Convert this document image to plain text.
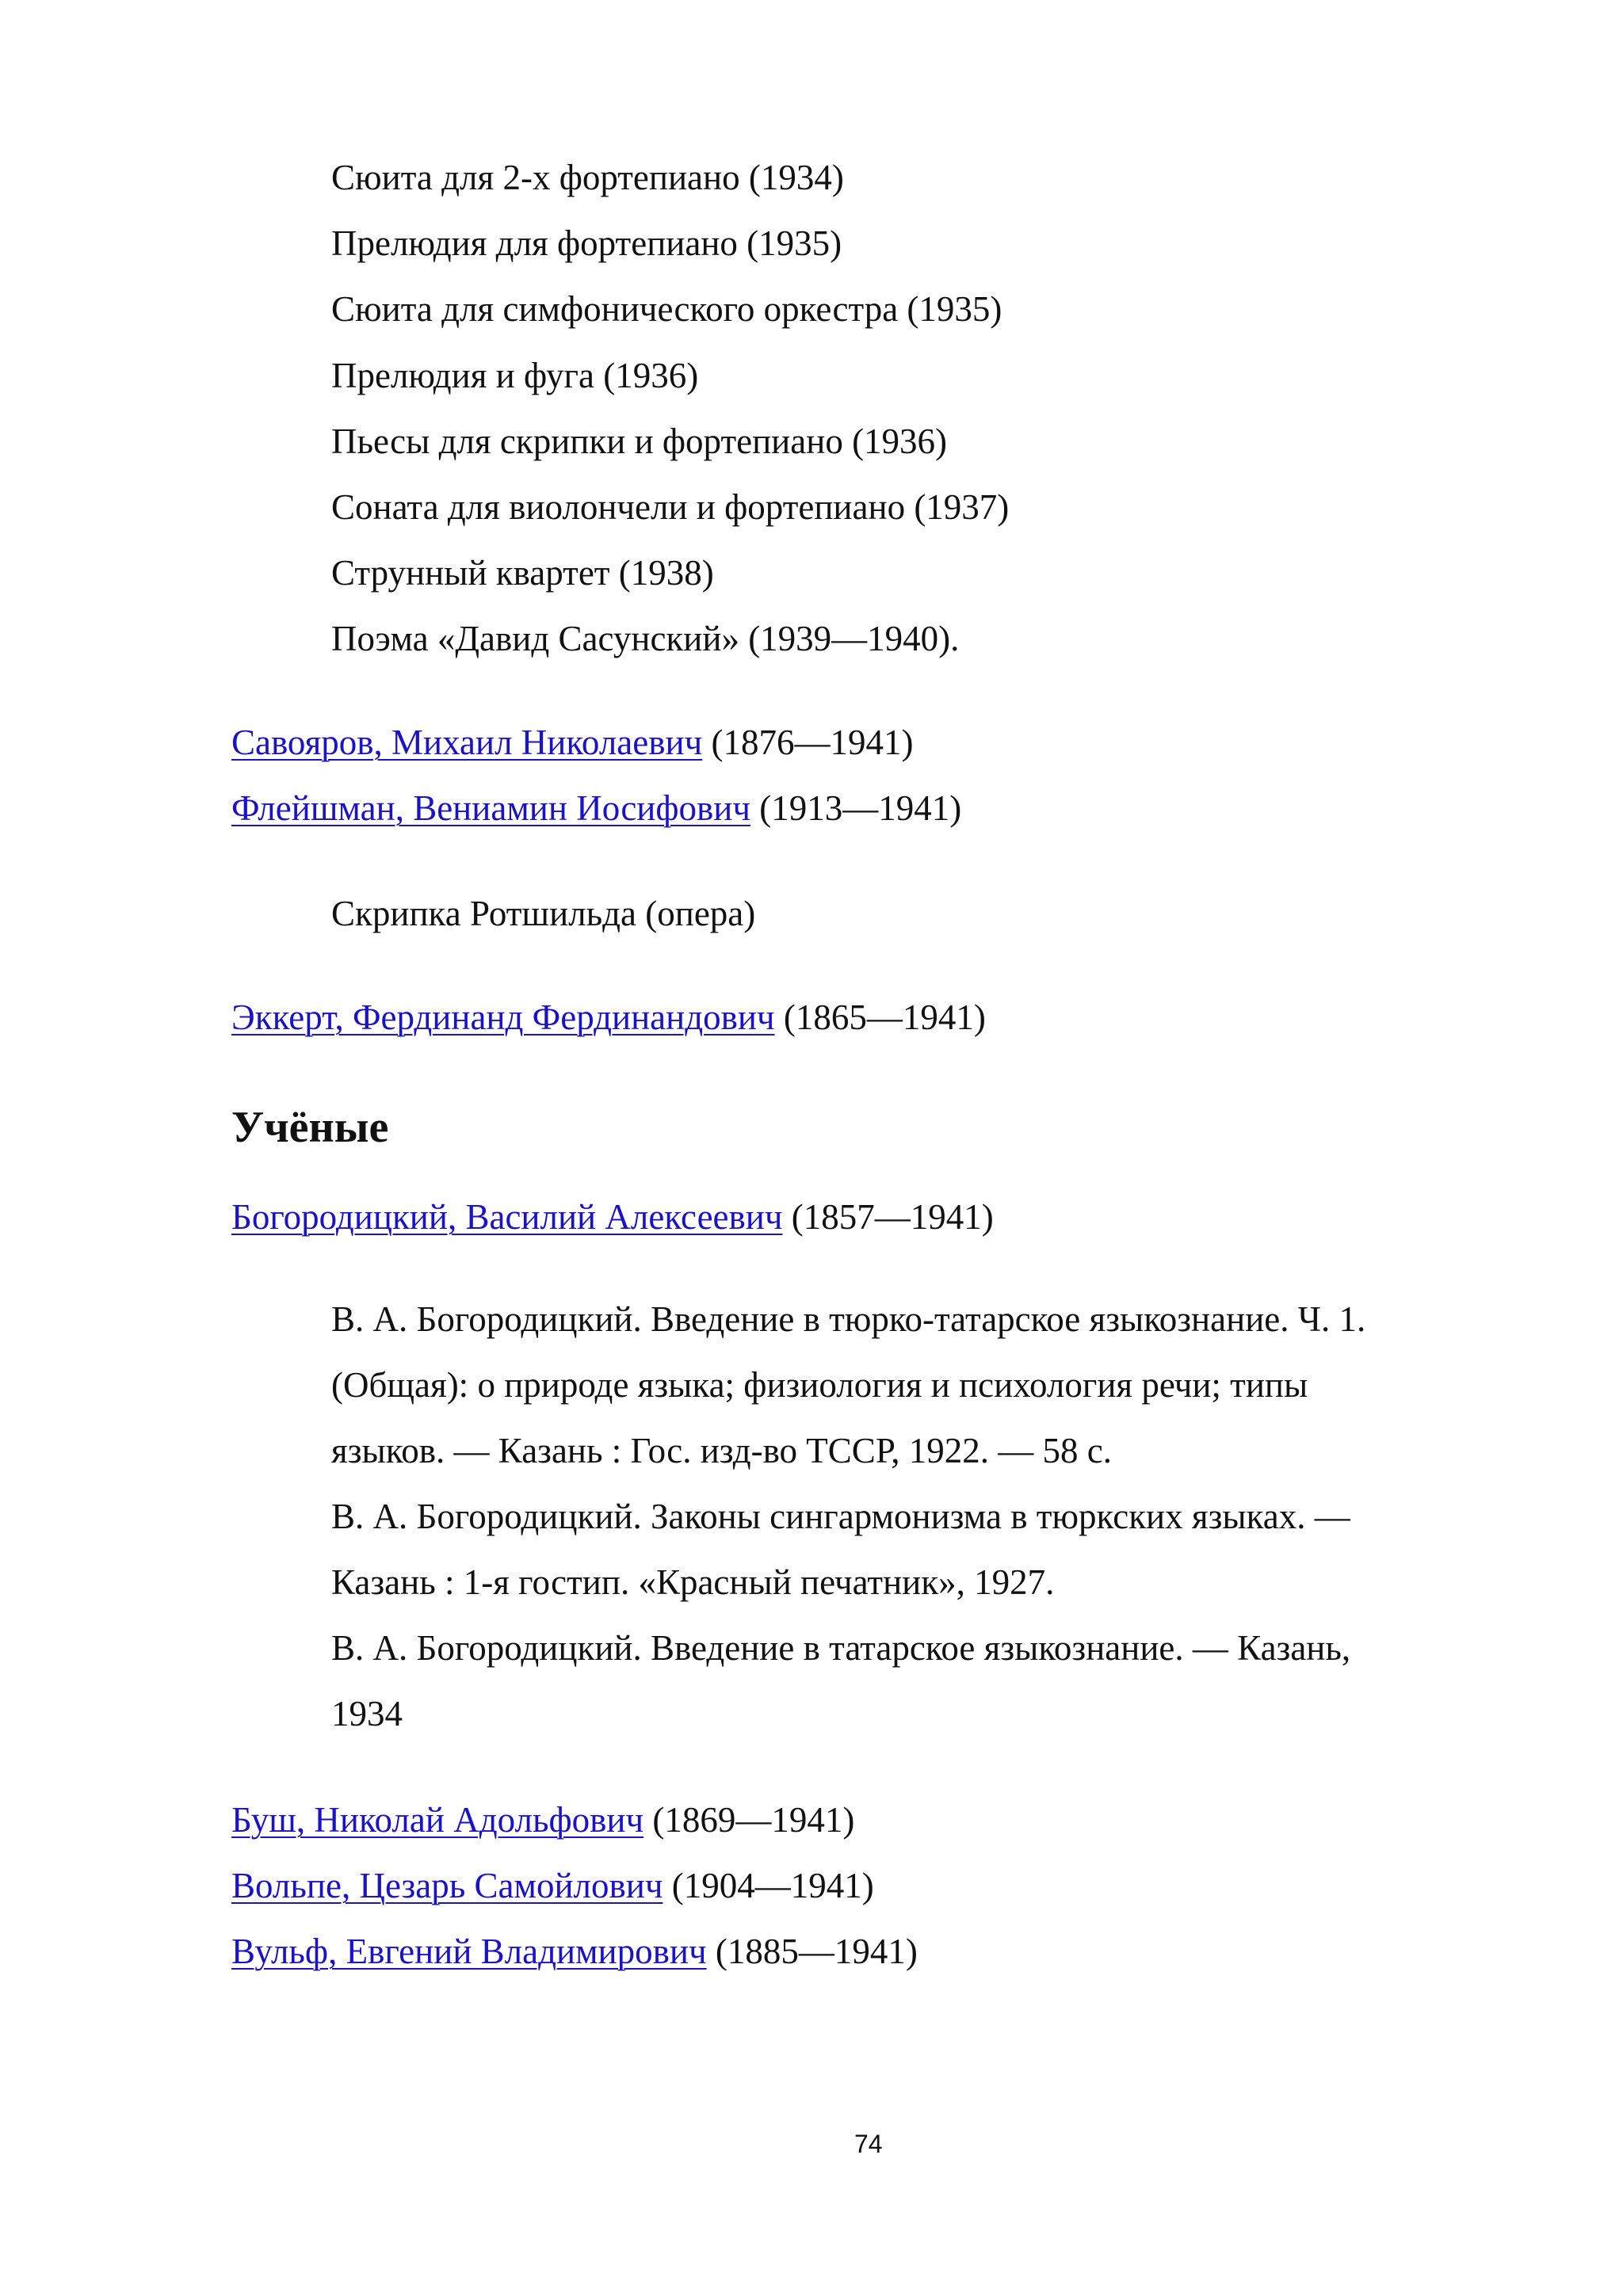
Сюита для 2-х фортепиано (1934)
Прелюдия для фортепиано (1935)
Сюита для симфонического оркестра (1935)
Прелюдия и фуга (1936)
Пьесы для скрипки и фортепиано (1936)
Соната для виолончели и фортепиано (1937)
Струнный квартет (1938)
Поэма «Давид Сасунский» (1939—1940).
Савояров, Михаил Николаевич (1876—1941)
Флейшман, Вениамин Иосифович (1913—1941)
Скрипка Ротшильда (опера)
Эккерт, Фердинанд Фердинандович (1865—1941)
Учёные
Богородицкий, Василий Алексеевич (1857—1941)
В. А. Богородицкий. Введение в тюрко-татарское языкознание. Ч. 1.
(Общая): о природе языка; физиология и психология речи; типы
языков. — Казань : Гос. изд-во ТССР, 1922. — 58 с.
В. А. Богородицкий. Законы сингармонизма в тюркских языках. —
Казань : 1-я гостип. «Красный печатник», 1927.
В. А. Богородицкий. Введение в татарское языкознание. — Казань,
1934
Буш, Николай Адольфович (1869—1941)
Вольпе, Цезарь Самойлович (1904—1941)
Вульф, Евгений Владимирович (1885—1941)
74
